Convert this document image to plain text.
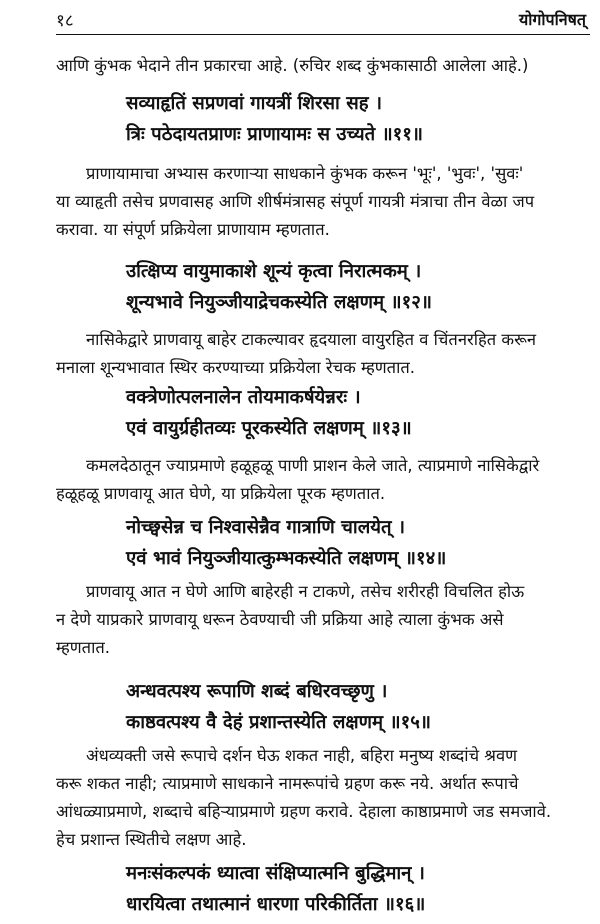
१८	योगोपनिषत्

आणि कुंभक भेदाने तीन प्रकारचा आहे. (रुचिर शब्द कुंभकासाठी आलेला आहे.)

सव्याहृतिं सप्रणवां गायत्रीं शिरसा सह ।
त्रिः पठेदायतप्राणः प्राणायामः स उच्यते ॥११॥

प्राणायामाचा अभ्यास करणाऱ्या साधकाने कुंभक करून 'भूः', 'भुवः', 'सुवः'
या व्याहृती तसेच प्रणवासह आणि शीर्षमंत्रासह संपूर्ण गायत्री मंत्राचा तीन वेळा जप
करावा. या संपूर्ण प्रक्रियेला प्राणायाम म्हणतात.

उत्क्षिप्य वायुमाकाशे शून्यं कृत्वा निरात्मकम् ।
शून्यभावे नियुञ्जीयाद्रेचकस्येति लक्षणम् ॥१२॥

नासिकेद्वारे प्राणवायू बाहेर टाकल्यावर हृदयाला वायुरहित व चिंतनरहित करून
मनाला शून्यभावात स्थिर करण्याच्या प्रक्रियेला रेचक म्हणतात.

वक्त्रेणोत्पलनालेन तोयमाकर्षयेन्नरः ।
एवं वायुर्ग्रहीतव्यः पूरकस्येति लक्षणम् ॥१३॥

कमलदेठातून ज्याप्रमाणे हळूहळू पाणी प्राशन केले जाते, त्याप्रमाणे नासिकेद्वारे
हळूहळू प्राणवायू आत घेणे, या प्रक्रियेला पूरक म्हणतात.

नोच्छ्वसेन्न च निश्वासेन्नैव गात्राणि चालयेत् ।
एवं भावं नियुञ्जीयात्कुम्भकस्येति लक्षणम् ॥१४॥

प्राणवायू आत न घेणे आणि बाहेरही न टाकणे, तसेच शरीरही विचलित होऊ
न देणे याप्रकारे प्राणवायू धरून ठेवण्याची जी प्रक्रिया आहे त्याला कुंभक असे
म्हणतात.

अन्धवत्पश्य रूपाणि शब्दं बधिरवच्छृणु ।
काष्ठवत्पश्य वै देहं प्रशान्तस्येति लक्षणम् ॥१५॥

अंधव्यक्ती जसे रूपाचे दर्शन घेऊ शकत नाही, बहिरा मनुष्य शब्दांचे श्रवण
करू शकत नाही; त्याप्रमाणे साधकाने नामरूपांचे ग्रहण करू नये. अर्थात रूपाचे
आंधळ्याप्रमाणे, शब्दाचे बहिऱ्याप्रमाणे ग्रहण करावे. देहाला काष्ठाप्रमाणे जड समजावे.
हेच प्रशान्त स्थितीचे लक्षण आहे.

मनःसंकल्पकं ध्यात्वा संक्षिप्यात्मनि बुद्धिमान् ।
धारयित्वा तथात्मानं धारणा परिकीर्तिता ॥१६॥
